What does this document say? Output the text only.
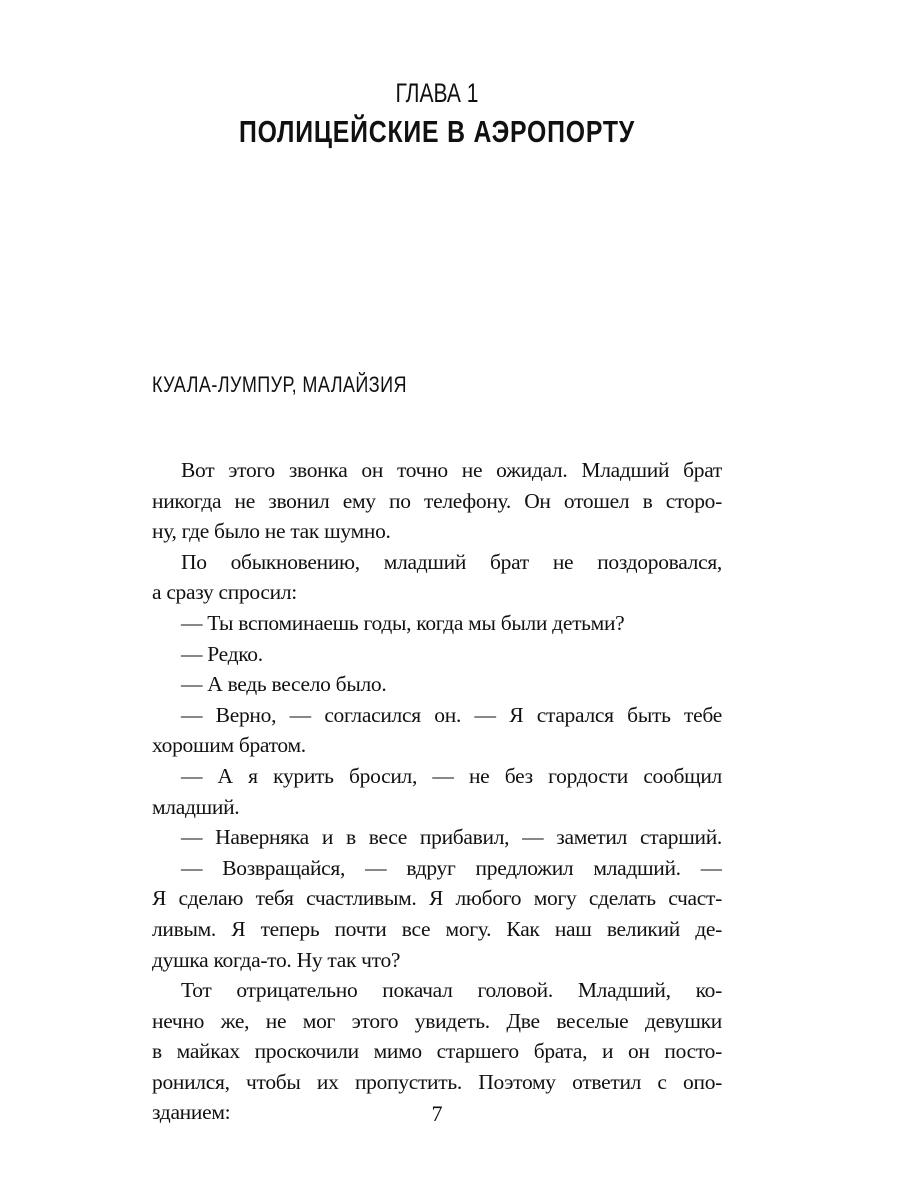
ГЛАВА 1
ПОЛИЦЕЙСКИЕ В АЭРОПОРТУ
КУАЛА-ЛУМПУР, МАЛАЙЗИЯ
Вот этого звонка он точно не ожидал. Младший брат
никогда не звонил ему по телефону. Он отошел в сторо-
ну, где было не так шумно.
По обыкновению, младший брат не поздоровался,
а сразу спросил:
— Ты вспоминаешь годы, когда мы были детьми?
— Редко.
— А ведь весело было.
— Верно, — согласился он. — Я старался быть тебе
хорошим братом.
— А я курить бросил, — не без гордости сообщил
младший.
— Наверняка и в весе прибавил, — заметил старший.
— Возвращайся, — вдруг предложил младший. —
Я сделаю тебя счастливым. Я любого могу сделать счаст-
ливым. Я теперь почти все могу. Как наш великий де-
душка когда-то. Ну так что?
Тот отрицательно покачал головой. Младший, ко-
нечно же, не мог этого увидеть. Две веселые девушки
в майках проскочили мимо старшего брата, и он посто-
ронился, чтобы их пропустить. Поэтому ответил с опо-
зданием:	7
